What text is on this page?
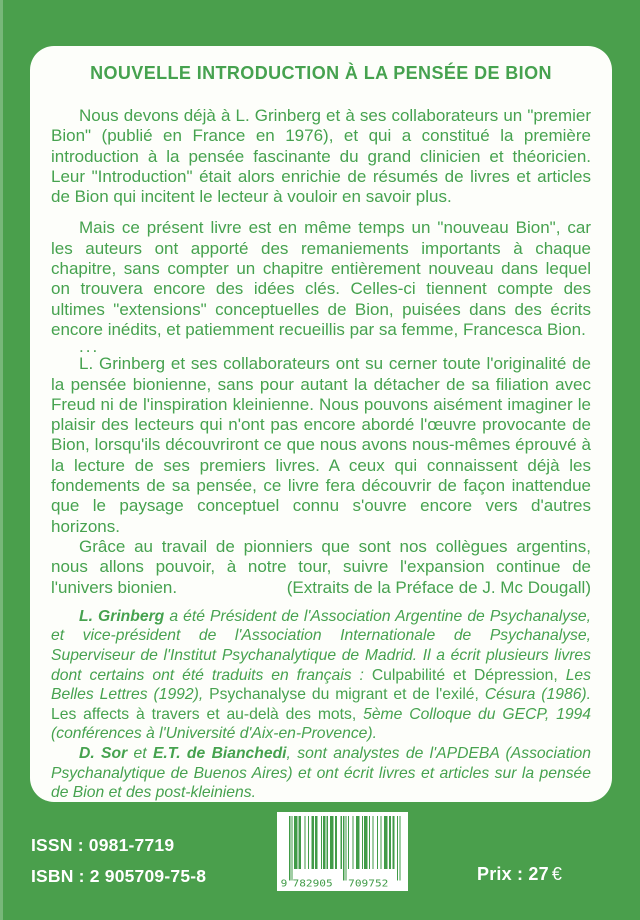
NOUVELLE INTRODUCTION À LA PENSÉE DE BION

Nous devons déjà à L. Grinberg et à ses collaborateurs un "premier Bion" (publié en France en 1976), et qui a constitué la première introduction à la pensée fascinante du grand clinicien et théoricien. Leur "Introduction" était alors enrichie de résumés de livres et articles de Bion qui incitent le lecteur à vouloir en savoir plus.

Mais ce présent livre est en même temps un "nouveau Bion", car les auteurs ont apporté des remaniements importants à chaque chapitre, sans compter un chapitre entièrement nouveau dans lequel on trouvera encore des idées clés. Celles-ci tiennent compte des ultimes "extensions" conceptuelles de Bion, puisées dans des écrits encore inédits, et patiemment recueillis par sa femme, Francesca Bion.

...

L. Grinberg et ses collaborateurs ont su cerner toute l'originalité de la pensée bionienne, sans pour autant la détacher de sa filiation avec Freud ni de l'inspiration kleinienne. Nous pouvons aisément imaginer le plaisir des lecteurs qui n'ont pas encore abordé l'œuvre provocante de Bion, lorsqu'ils découvriront ce que nous avons nous-mêmes éprouvé à la lecture de ses premiers livres. A ceux qui connaissent déjà les fondements de sa pensée, ce livre fera découvrir de façon inattendue que le paysage conceptuel connu s'ouvre encore vers d'autres horizons.

Grâce au travail de pionniers que sont nos collègues argentins, nous allons pouvoir, à notre tour, suivre l'expansion continue de l'univers bionien.	(Extraits de la Préface de J. Mc Dougall)

L. Grinberg a été Président de l'Association Argentine de Psychanalyse, et vice-président de l'Association Internationale de Psychanalyse, Superviseur de l'Institut Psychanalytique de Madrid. Il a écrit plusieurs livres dont certains ont été traduits en français : Culpabilité et Dépression, Les Belles Lettres (1992), Psychanalyse du migrant et de l'exilé, Césura (1986). Les affects à travers et au-delà des mots, 5ème Colloque du GECP, 1994 (conférences à l'Université d'Aix-en-Provence).

D. Sor et E.T. de Bianchedi, sont analystes de l'APDEBA (Association Psychanalytique de Buenos Aires) et ont écrit livres et articles sur la pensée de Bion et des post-kleiniens.

ISSN : 0981-7719
ISBN : 2 905709-75-8	9 782905 709752	Prix : 27 €
